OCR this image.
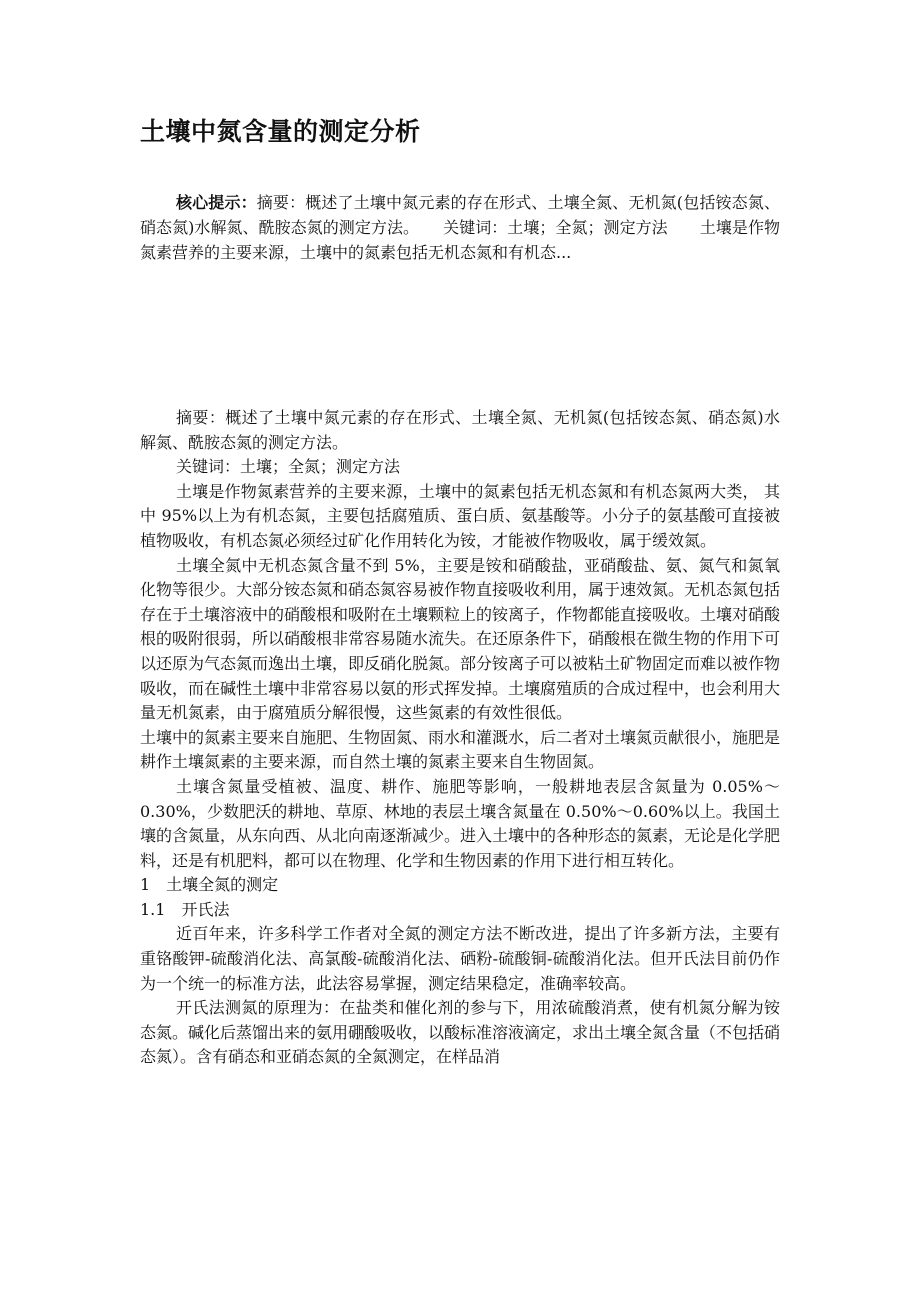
土壤中氮含量的测定分析

核心提示：摘要：概述了土壤中氮元素的存在形式、土壤全氮、无机氮(包括铵态氮、硝态氮)水解氮、酰胺态氮的测定方法。　　关键词：土壤；全氮；测定方法　　土壤是作物氮素营养的主要来源，土壤中的氮素包括无机态氮和有机态...

摘要：概述了土壤中氮元素的存在形式、土壤全氮、无机氮(包括铵态氮、硝态氮)水解氮、酰胺态氮的测定方法。

关键词：土壤；全氮；测定方法

土壤是作物氮素营养的主要来源，土壤中的氮素包括无机态氮和有机态氮两大类， 其中 95%以上为有机态氮，主要包括腐殖质、蛋白质、氨基酸等。小分子的氨基酸可直接被植物吸收，有机态氮必须经过矿化作用转化为铵，才能被作物吸收，属于缓效氮。

土壤全氮中无机态氮含量不到 5%，主要是铵和硝酸盐，亚硝酸盐、氨、氮气和氮氧化物等很少。大部分铵态氮和硝态氮容易被作物直接吸收利用，属于速效氮。无机态氮包括存在于土壤溶液中的硝酸根和吸附在土壤颗粒上的铵离子，作物都能直接吸收。土壤对硝酸根的吸附很弱，所以硝酸根非常容易随水流失。在还原条件下，硝酸根在微生物的作用下可以还原为气态氮而逸出土壤，即反硝化脱氮。部分铵离子可以被粘土矿物固定而难以被作物吸收，而在碱性土壤中非常容易以氨的形式挥发掉。土壤腐殖质的合成过程中，也会利用大量无机氮素，由于腐殖质分解很慢，这些氮素的有效性很低。

土壤中的氮素主要来自施肥、生物固氮、雨水和灌溉水，后二者对土壤氮贡献很小，施肥是耕作土壤氮素的主要来源，而自然土壤的氮素主要来自生物固氮。

土壤含氮量受植被、温度、耕作、施肥等影响，一般耕地表层含氮量为 0.05%～0.30%，少数肥沃的耕地、草原、林地的表层土壤含氮量在 0.50%～0.60%以上。我国土壤的含氮量，从东向西、从北向南逐渐减少。进入土壤中的各种形态的氮素，无论是化学肥料，还是有机肥料，都可以在物理、化学和生物因素的作用下进行相互转化。

1　土壤全氮的测定

1.1　开氏法

近百年来，许多科学工作者对全氮的测定方法不断改进，提出了许多新方法，主要有重铬酸钾-硫酸消化法、高氯酸-硫酸消化法、硒粉-硫酸铜-硫酸消化法。但开氏法目前仍作为一个统一的标准方法，此法容易掌握，测定结果稳定，准确率较高。

开氏法测氮的原理为：在盐类和催化剂的参与下，用浓硫酸消煮，使有机氮分解为铵态氮。碱化后蒸馏出来的氨用硼酸吸收，以酸标准溶液滴定，求出土壤全氮含量（不包括硝态氮）。含有硝态和亚硝态氮的全氮测定，在样品消
